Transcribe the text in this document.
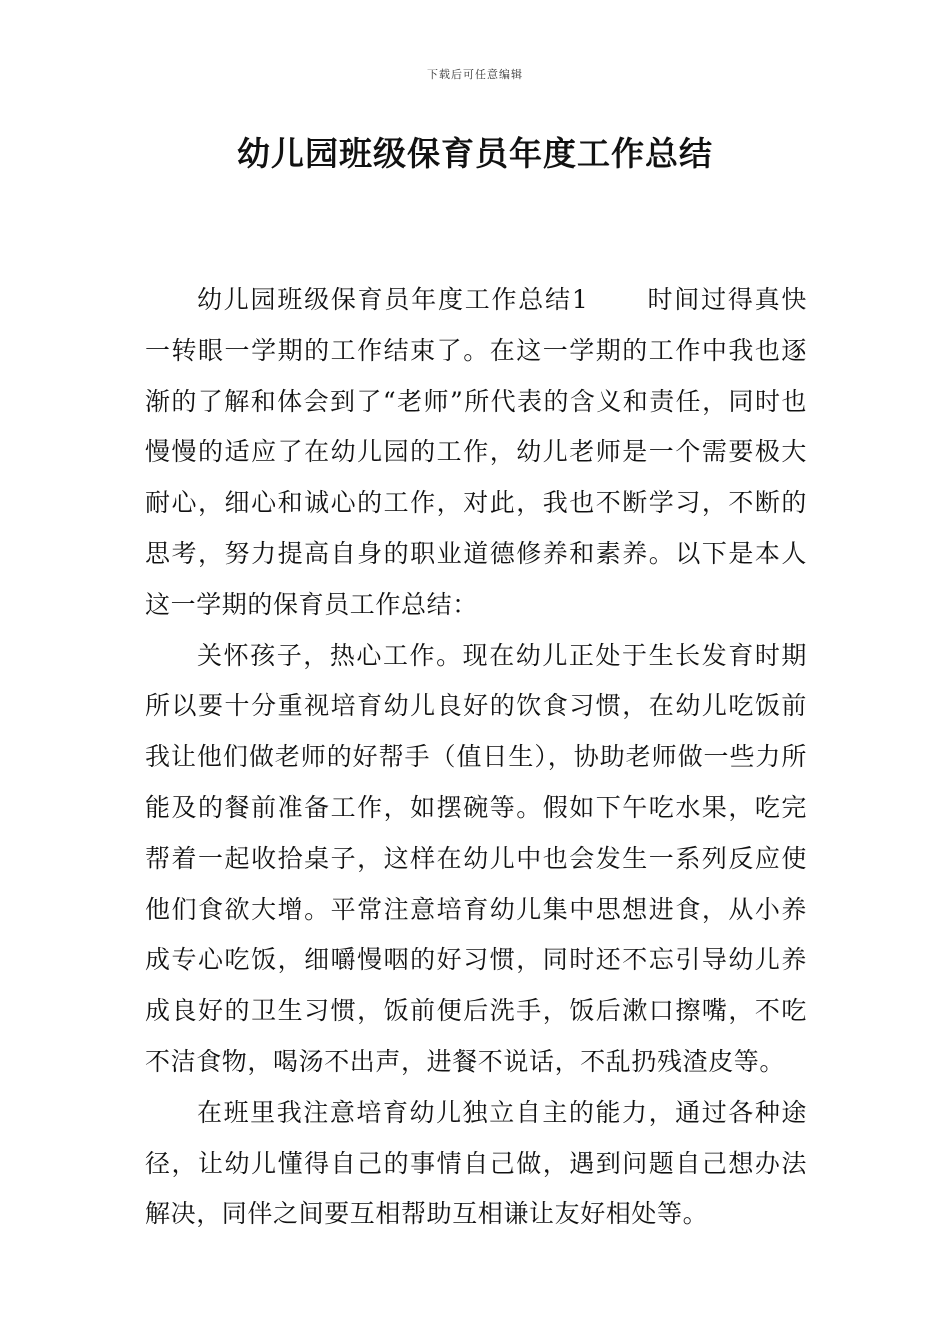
下载后可任意编辑
幼儿园班级保育员年度工作总结

幼儿园班级保育员年度工作总结1 时间过得真快一转眼一学期的工作结束了。在这一学期的工作中我也逐渐的了解和体会到了“老师”所代表的含义和责任，同时也慢慢的适应了在幼儿园的工作，幼儿老师是一个需要极大耐心，细心和诚心的工作，对此，我也不断学习，不断的思考，努力提高自身的职业道德修养和素养。以下是本人这一学期的保育员工作总结：

关怀孩子，热心工作。现在幼儿正处于生长发育时期所以要十分重视培育幼儿良好的饮食习惯，在幼儿吃饭前我让他们做老师的好帮手（值日生），协助老师做一些力所能及的餐前准备工作，如摆碗等。假如下午吃水果，吃完帮着一起收拾桌子，这样在幼儿中也会发生一系列反应使他们食欲大增。平常注意培育幼儿集中思想进食，从小养成专心吃饭，细嚼慢咽的好习惯，同时还不忘引导幼儿养成良好的卫生习惯，饭前便后洗手，饭后漱口擦嘴，不吃不洁食物，喝汤不出声，进餐不说话，不乱扔残渣皮等。

在班里我注意培育幼儿独立自主的能力，通过各种途径，让幼儿懂得自己的事情自己做，遇到问题自己想办法解决，同伴之间要互相帮助互相谦让友好相处等。
